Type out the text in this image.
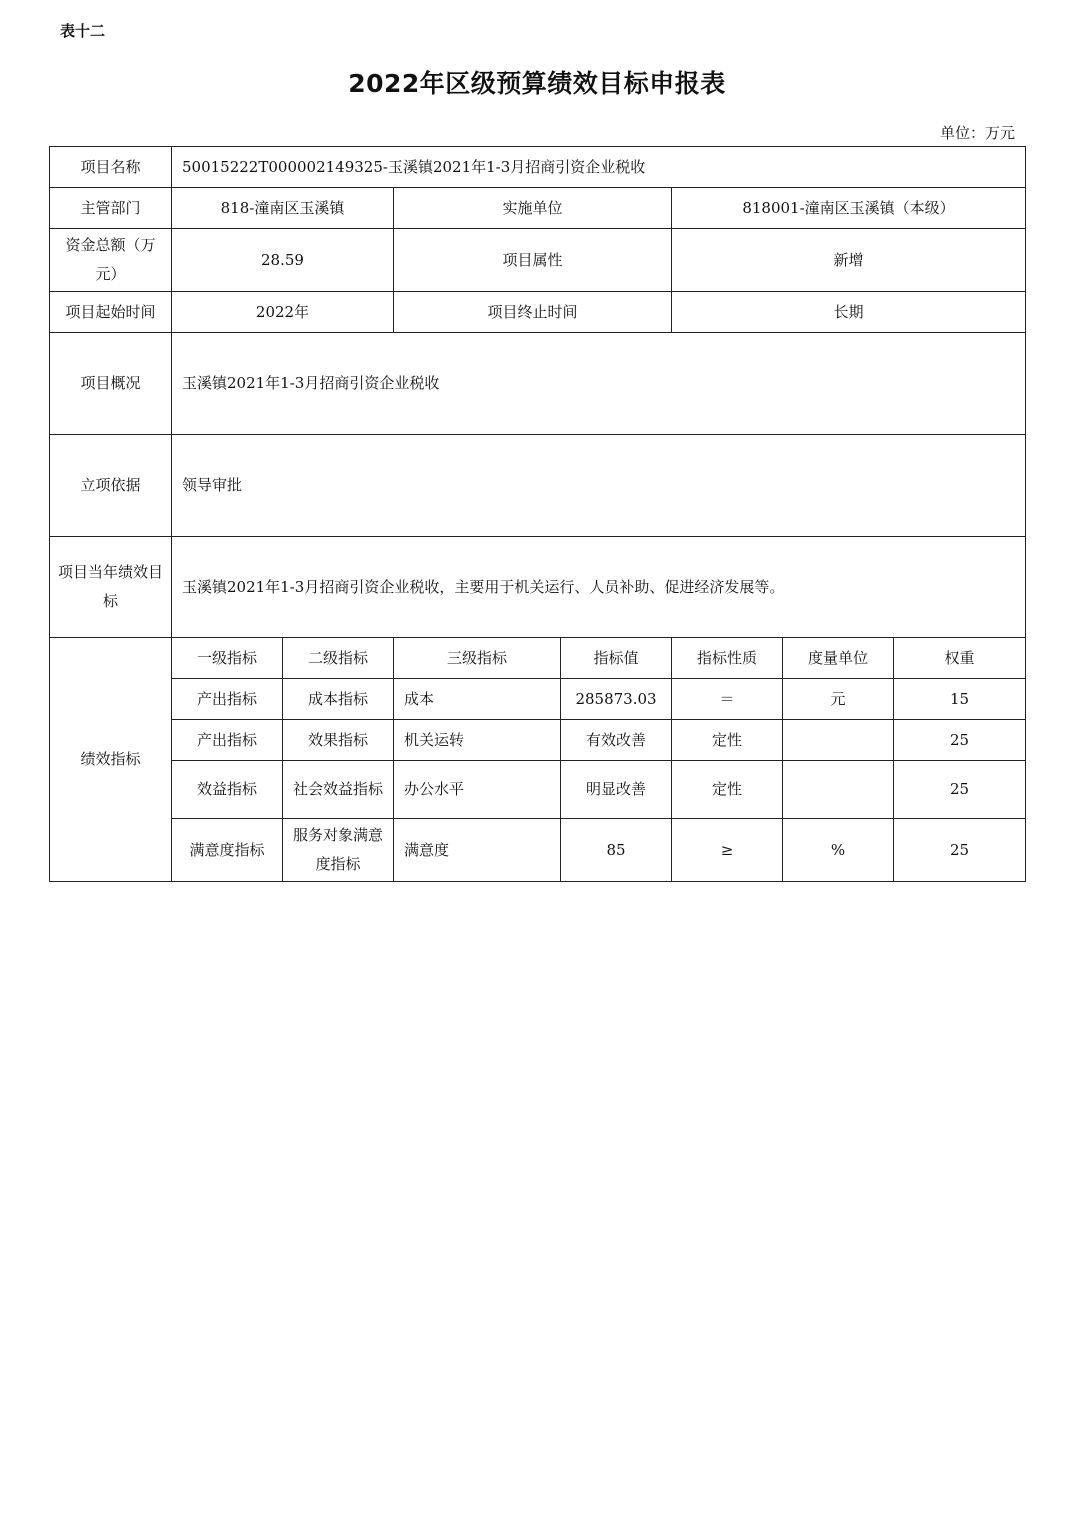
表十二
2022年区级预算绩效目标申报表
单位：万元
项目名称	50015222T000002149325-玉溪镇2021年1-3月招商引资企业税收						
主管部门	818-潼南区玉溪镇		实施单位		818001-潼南区玉溪镇（本级）		
资金总额（万元）	28.59		项目属性		新增		
项目起始时间	2022年		项目终止时间		长期		
项目概况	玉溪镇2021年1-3月招商引资企业税收						
立项依据	领导审批						
项目当年绩效目标	玉溪镇2021年1-3月招商引资企业税收，主要用于机关运行、人员补助、促进经济发展等。						
绩效指标	一级指标	二级指标	三级指标	指标值	指标性质	度量单位	权重
	产出指标	成本指标	成本	285873.03	＝	元	15
	产出指标	效果指标	机关运转	有效改善	定性		25
	效益指标	社会效益指标	办公水平	明显改善	定性		25
	满意度指标	服务对象满意度指标	满意度	85	≥	%	25
